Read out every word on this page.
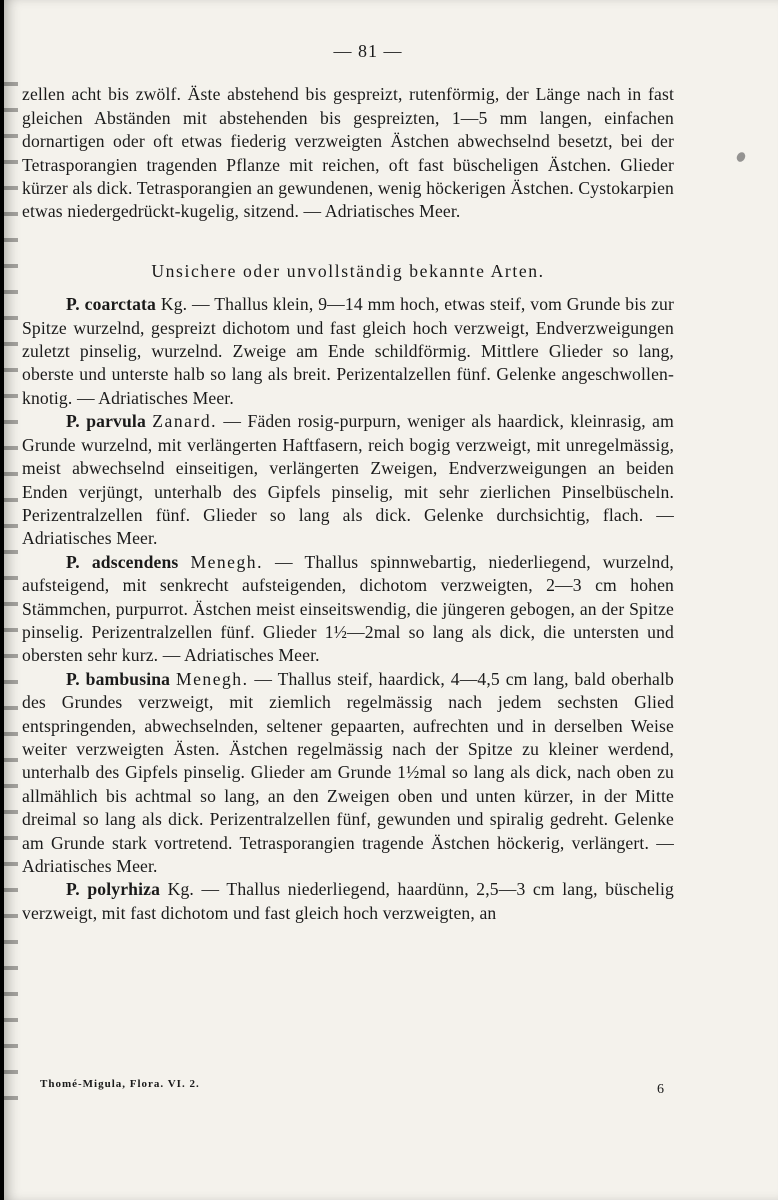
— 81 —

zellen acht bis zwölf. Äste abstehend bis gespreizt, rutenförmig, der Länge nach in fast gleichen Abständen mit abstehenden bis gespreizten, 1—5 mm langen, einfachen dornartigen oder oft etwas fiederig verzweigten Ästchen abwechselnd besetzt, bei der Tetrasporangien tragenden Pflanze mit reichen, oft fast büscheligen Ästchen. Glieder kürzer als dick. Tetrasporangien an gewundenen, wenig höckerigen Ästchen. Cystokarpien etwas niedergedrückt-kugelig, sitzend. — Adriatisches Meer.

Unsichere oder unvollständig bekannte Arten.

P. coarctata Kg. — Thallus klein, 9—14 mm hoch, etwas steif, vom Grunde bis zur Spitze wurzelnd, gespreizt dichotom und fast gleich hoch verzweigt, Endverzweigungen zuletzt pinselig, wurzelnd. Zweige am Ende schildförmig. Mittlere Glieder so lang, oberste und unterste halb so lang als breit. Perizentalzellen fünf. Gelenke angeschwollen-knotig. — Adriatisches Meer.

P. parvula Zanard. — Fäden rosig-purpurn, weniger als haardick, kleinrasig, am Grunde wurzelnd, mit verlängerten Haftfasern, reich bogig verzweigt, mit unregelmässig, meist abwechselnd einseitigen, verlängerten Zweigen, Endverzweigungen an beiden Enden verjüngt, unterhalb des Gipfels pinselig, mit sehr zierlichen Pinselbüscheln. Perizentralzellen fünf. Glieder so lang als dick. Gelenke durchsichtig, flach. — Adriatisches Meer.

P. adscendens Menegh. — Thallus spinnwebartig, niederliegend, wurzelnd, aufsteigend, mit senkrecht aufsteigenden, dichotom verzweigten, 2—3 cm hohen Stämmchen, purpurrot. Ästchen meist einseitswendig, die jüngeren gebogen, an der Spitze pinselig. Perizentralzellen fünf. Glieder 1½—2mal so lang als dick, die untersten und obersten sehr kurz. — Adriatisches Meer.

P. bambusina Menegh. — Thallus steif, haardick, 4—4,5 cm lang, bald oberhalb des Grundes verzweigt, mit ziemlich regelmässig nach jedem sechsten Glied entspringenden, abwechselnden, seltener gepaarten, aufrechten und in derselben Weise weiter verzweigten Ästen. Ästchen regelmässig nach der Spitze zu kleiner werdend, unterhalb des Gipfels pinselig. Glieder am Grunde 1½mal so lang als dick, nach oben zu allmählich bis achtmal so lang, an den Zweigen oben und unten kürzer, in der Mitte dreimal so lang als dick. Perizentralzellen fünf, gewunden und spiralig gedreht. Gelenke am Grunde stark vortretend. Tetrasporangien tragende Ästchen höckerig, verlängert. — Adriatisches Meer.

P. polyrhiza Kg. — Thallus niederliegend, haardünn, 2,5—3 cm lang, büschelig verzweigt, mit fast dichotom und fast gleich hoch verzweigten, an

Thomé-Migula, Flora. VI. 2.	6
